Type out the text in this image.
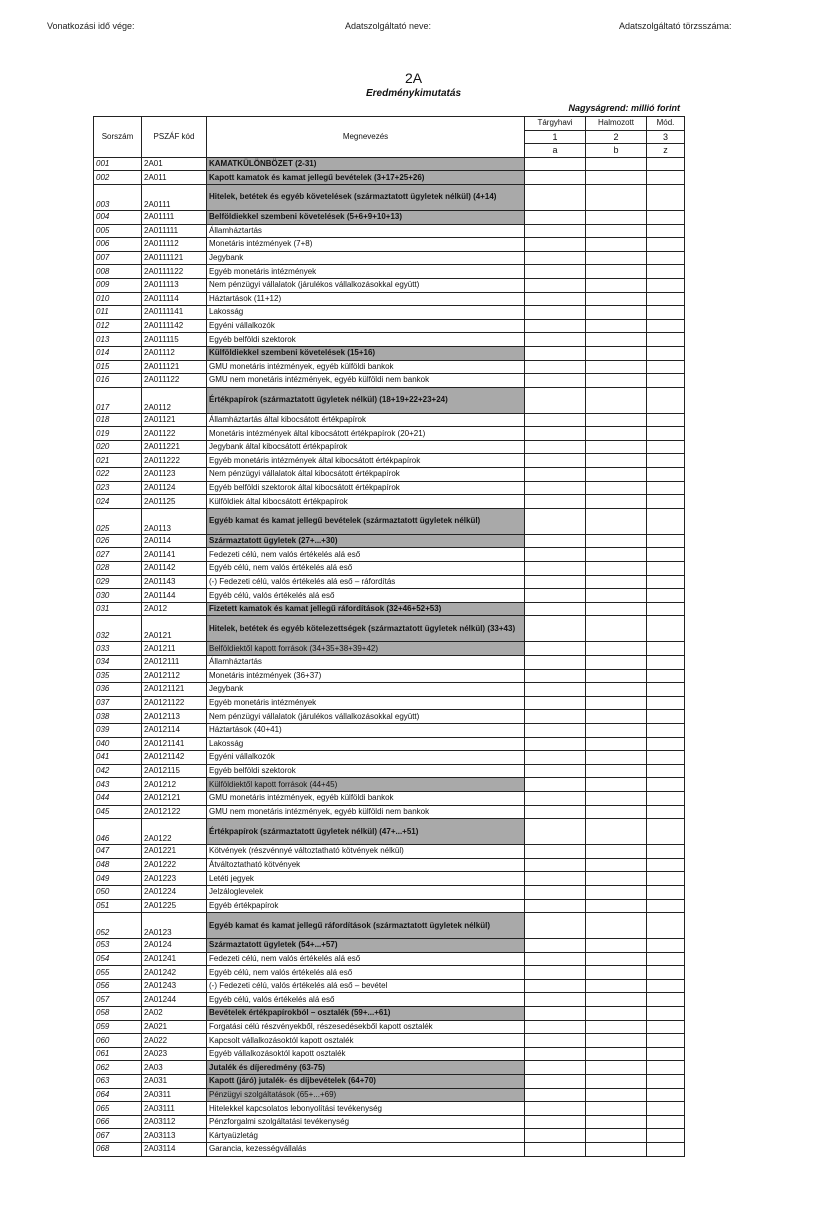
Vonatkozási idő vége:	Adatszolgáltató neve:	Adatszolgáltató törzsszáma:
2A
Eredménykimutatás
Nagyságrend: millió forint
Sorszám	PSZÁF kód	Megnevezés	Tárgyhavi	Halmozott	Mód.
			1	2	3
			a	b	z
001	2A01	KAMATKÜLÖNBÖZET (2-31)			
002	2A011	Kapott kamatok és kamat jellegű bevételek (3+17+25+26)			
003	2A0111	Hitelek, betétek és egyéb követelések (származtatott ügyletek nélkül) (4+14)			
004	2A01111	Belföldiekkel szembeni követelések (5+6+9+10+13)			
005	2A011111	Államháztartás			
006	2A011112	Monetáris intézmények (7+8)			
007	2A0111121	Jegybank			
008	2A0111122	Egyéb monetáris intézmények			
009	2A011113	Nem pénzügyi vállalatok (járulékos vállalkozásokkal együtt)			
010	2A011114	Háztartások (11+12)			
011	2A0111141	Lakosság			
012	2A0111142	Egyéni vállalkozók			
013	2A011115	Egyéb belföldi szektorok			
014	2A01112	Külföldiekkel szembeni követelések (15+16)			
015	2A011121	GMU monetáris intézmények, egyéb külföldi bankok			
016	2A011122	GMU nem monetáris intézmények, egyéb külföldi nem bankok			
017	2A0112	Értékpapírok (származtatott ügyletek nélkül) (18+19+22+23+24)			
018	2A01121	Államháztartás által kibocsátott értékpapírok			
019	2A01122	Monetáris intézmények által kibocsátott értékpapírok (20+21)			
020	2A011221	Jegybank által kibocsátott értékpapírok			
021	2A011222	Egyéb monetáris intézmények által kibocsátott értékpapírok			
022	2A01123	Nem pénzügyi vállalatok által kibocsátott értékpapírok			
023	2A01124	Egyéb belföldi szektorok által kibocsátott értékpapírok			
024	2A01125	Külföldiek által kibocsátott értékpapírok			
025	2A0113	Egyéb kamat és kamat jellegű bevételek (származtatott ügyletek nélkül)			
026	2A0114	Származtatott ügyletek (27+...+30)			
027	2A01141	Fedezeti célú, nem valós értékelés alá eső			
028	2A01142	Egyéb célú, nem valós értékelés alá eső			
029	2A01143	(-) Fedezeti célú, valós értékelés alá eső – ráfordítás			
030	2A01144	Egyéb célú, valós értékelés alá eső			
031	2A012	Fizetett kamatok és kamat jellegű ráfordítások (32+46+52+53)			
032	2A0121	Hitelek, betétek és egyéb kötelezettségek (származtatott ügyletek nélkül) (33+43)			
033	2A01211	Belföldiektől kapott források (34+35+38+39+42)			
034	2A012111	Államháztartás			
035	2A012112	Monetáris intézmények (36+37)			
036	2A0121121	Jegybank			
037	2A0121122	Egyéb monetáris intézmények			
038	2A012113	Nem pénzügyi vállalatok (járulékos vállalkozásokkal együtt)			
039	2A012114	Háztartások (40+41)			
040	2A0121141	Lakosság			
041	2A0121142	Egyéni vállalkozók			
042	2A012115	Egyéb belföldi szektorok			
043	2A01212	Külföldiektől kapott források (44+45)			
044	2A012121	GMU monetáris intézmények, egyéb külföldi bankok			
045	2A012122	GMU nem monetáris intézmények, egyéb külföldi nem bankok			
046	2A0122	Értékpapírok (származtatott ügyletek nélkül) (47+...+51)			
047	2A01221	Kötvények (részvénnyé változtatható kötvények nélkül)			
048	2A01222	Átváltoztatható kötvények			
049	2A01223	Letéti jegyek			
050	2A01224	Jelzáloglevelek			
051	2A01225	Egyéb értékpapírok			
052	2A0123	Egyéb kamat és kamat jellegű ráfordítások (származtatott ügyletek nélkül)			
053	2A0124	Származtatott ügyletek (54+...+57)			
054	2A01241	Fedezeti célú, nem valós értékelés alá eső			
055	2A01242	Egyéb célú, nem valós értékelés alá eső			
056	2A01243	(-) Fedezeti célú, valós értékelés alá eső – bevétel			
057	2A01244	Egyéb célú, valós értékelés alá eső			
058	2A02	Bevételek értékpapírokból – osztalék (59+...+61)			
059	2A021	Forgatási célú részvényekből, részesedésekből kapott osztalék			
060	2A022	Kapcsolt vállalkozásoktól kapott osztalék			
061	2A023	Egyéb vállalkozásoktól kapott osztalék			
062	2A03	Jutalék és díjeredmény (63-75)			
063	2A031	Kapott (járó) jutalék- és díjbevételek (64+70)			
064	2A0311	Pénzügyi szolgáltatások (65+...+69)			
065	2A03111	Hitelekkel kapcsolatos lebonyolítási tevékenység			
066	2A03112	Pénzforgalmi szolgáltatási tevékenység			
067	2A03113	Kártyaüzletág			
068	2A03114	Garancia, kezességvállalás			
